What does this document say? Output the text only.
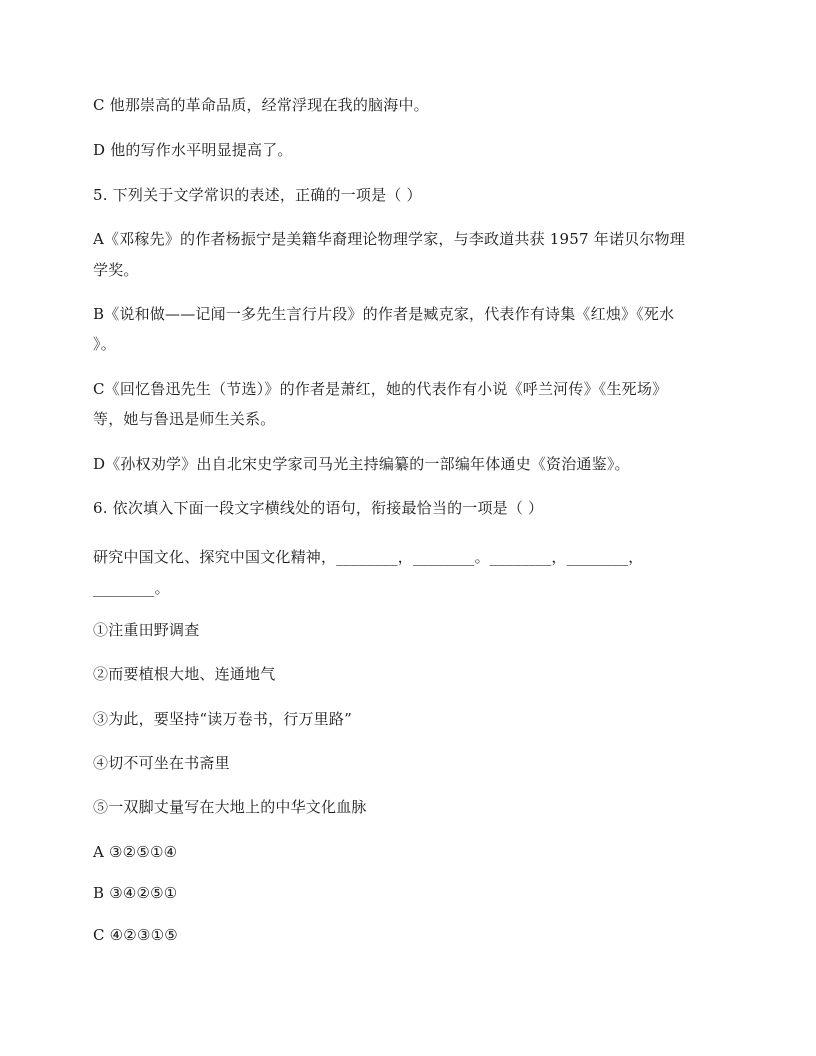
C 他那崇高的革命品质，经常浮现在我的脑海中。
D 他的写作水平明显提高了。
5. 下列关于文学常识的表述，正确的一项是（ ）
A《邓稼先》的作者杨振宁是美籍华裔理论物理学家，与李政道共获 1957 年诺贝尔物理
学奖。
B《说和做——记闻一多先生言行片段》的作者是臧克家，代表作有诗集《红烛》《死水
》。
C《回忆鲁迅先生（节选）》的作者是萧红，她的代表作有小说《呼兰河传》《生死场》
等，她与鲁迅是师生关系。
D《孙权劝学》出自北宋史学家司马光主持编纂的一部编年体通史《资治通鉴》。
6. 依次填入下面一段文字横线处的语句，衔接最恰当的一项是（ ）
研究中国文化、探究中国文化精神，________，________。________，________，
________。
①注重田野调查
②而要植根大地、连通地气
③为此，要坚持“读万卷书，行万里路”
④切不可坐在书斋里
⑤一双脚丈量写在大地上的中华文化血脉
A ③②⑤①④
B ③④②⑤①
C ④②③①⑤
